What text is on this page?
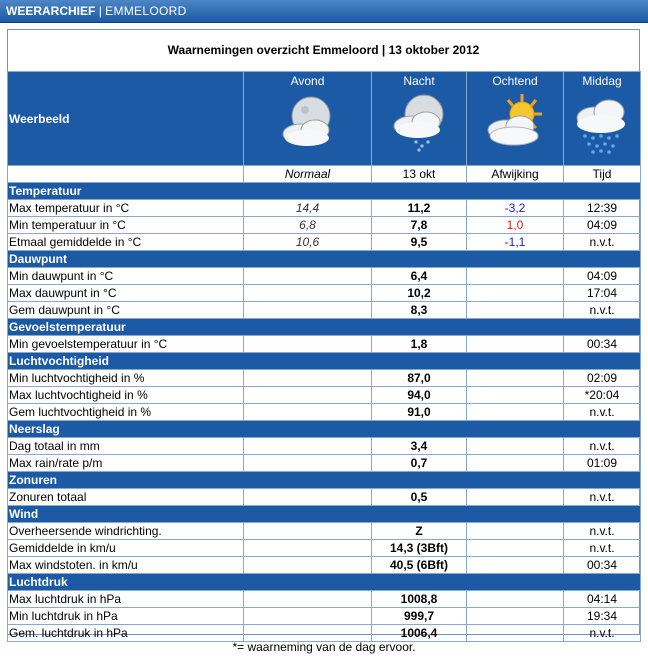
WEERARCHIEF | EMMELOORD
Waarnemingen overzicht Emmeloord | 13 oktober 2012
Weerbeeld	Avond	Nacht	Ochtend	Middag

	Normaal	13 okt	Afwijking	Tijd
Temperatuur				
Max temperatuur in °C	14,4	11,2	-3,2	12:39
Min temperatuur in °C	6,8	7,8	1,0	04:09
Etmaal gemiddelde in °C	10,6	9,5	-1,1	n.v.t.
Dauwpunt				
Min dauwpunt in °C		6,4		04:09
Max dauwpunt in °C		10,2		17:04
Gem dauwpunt in °C		8,3		n.v.t.
Gevoelstemperatuur				
Min gevoelstemperatuur in °C		1,8		00:34
Luchtvochtigheid				
Min luchtvochtigheid in %		87,0		02:09
Max luchtvochtigheid in %		94,0		*20:04
Gem luchtvochtigheid in %		91,0		n.v.t.
Neerslag				
Dag totaal in mm		3,4		n.v.t.
Max rain/rate p/m		0,7		01:09
Zonuren				
Zonuren totaal		0,5		n.v.t.
Wind				
Overheersende windrichting.		Z		n.v.t.
Gemiddelde in km/u		14,3 (3Bft)		n.v.t.
Max windstoten. in km/u		40,5 (6Bft)		00:34
Luchtdruk				
Max luchtdruk in hPa		1008,8		04:14
Min luchtdruk in hPa		999,7		19:34
Gem. luchtdruk in hPa		1006,4		n.v.t.
*= waarneming van de dag ervoor.
